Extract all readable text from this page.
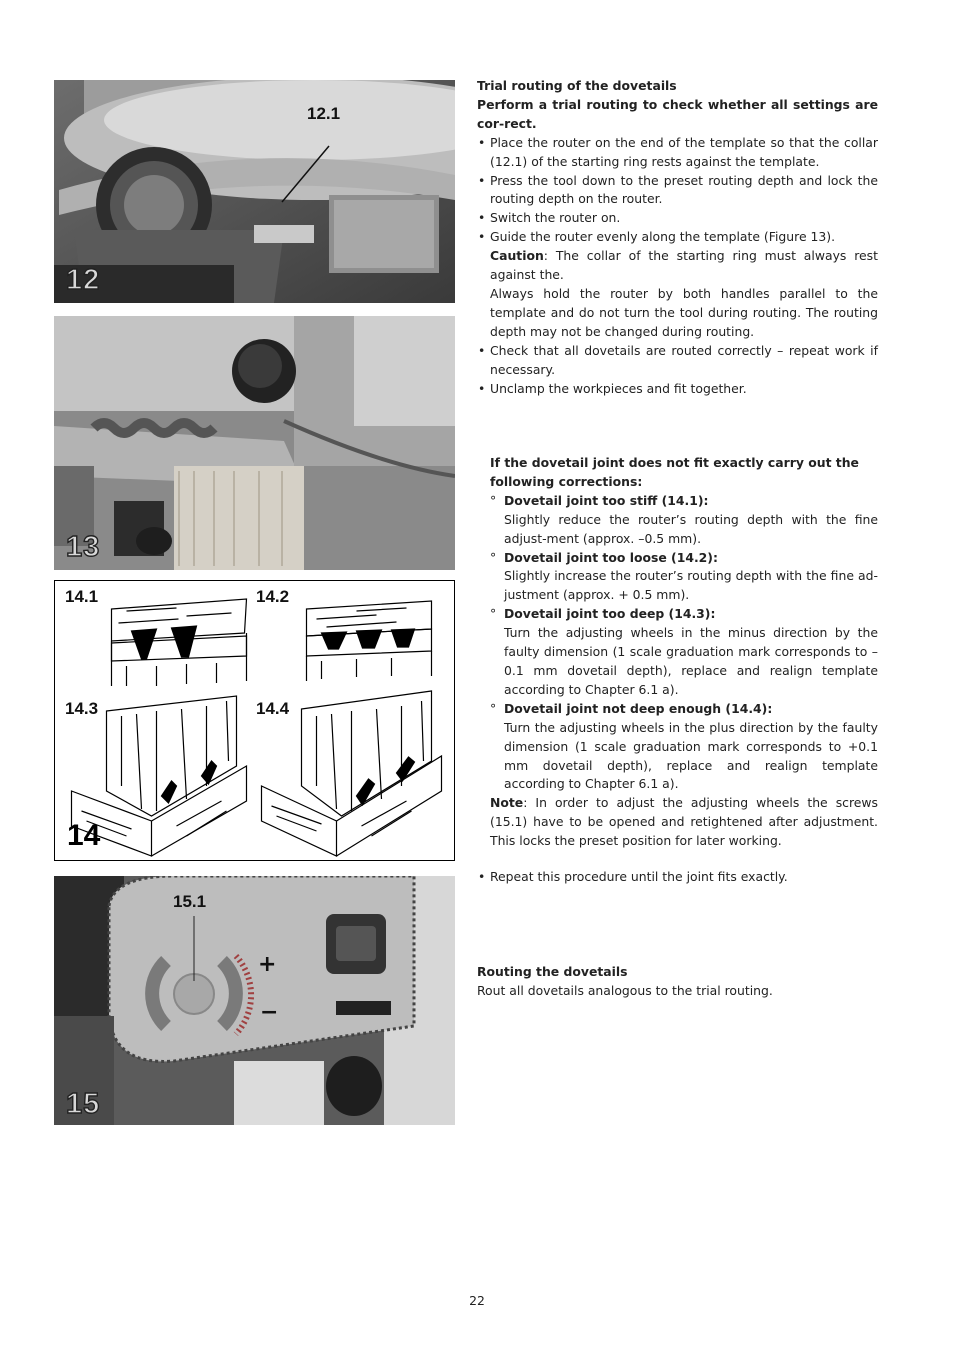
12.1
12
13
14.1	14.2
14.3	14.4
14
15.1
+
−
15

Trial routing of the dovetails

Perform a trial routing to check whether all settings are cor-rect.

• Place the router on the end of the template so that the collar (12.1) of the starting ring rests against the template.
• Press the tool down to the preset routing depth and lock the routing depth on the router.
• Switch the router on.
• Guide the router evenly along the template (Figure 13).

Caution: The collar of the starting ring must always rest against the.

Always hold the router by both handles parallel to the template and do not turn the tool during routing. The routing depth may not be changed during routing.

• Check that all dovetails are routed correctly – repeat work if necessary.
• Unclamp the workpieces and fit together.

If the dovetail joint does not fit exactly carry out the following corrections:

° Dovetail joint too stiff (14.1):

Slightly reduce the router’s routing depth with the fine adjust-ment (approx. –0.5 mm).

° Dovetail joint too loose (14.2):

Slightly increase the router’s routing depth with the fine ad-justment (approx. + 0.5 mm).

° Dovetail joint too deep (14.3):

Turn the adjusting wheels in the minus direction by the faulty dimension (1 scale graduation mark corresponds to –0.1 mm dovetail depth), replace and realign template according to Chapter 6.1 a).

° Dovetail joint not deep enough (14.4):

Turn the adjusting wheels in the plus direction by the faulty dimension (1 scale graduation mark corresponds to +0.1 mm dovetail depth), replace and realign template according to Chapter 6.1 a).

Note: In order to adjust the adjusting wheels the screws (15.1) have to be opened and retightened after adjustment. This locks the preset position for later working.

• Repeat this procedure until the joint fits exactly.

Routing the dovetails

Rout all dovetails analogous to the trial routing.

22
